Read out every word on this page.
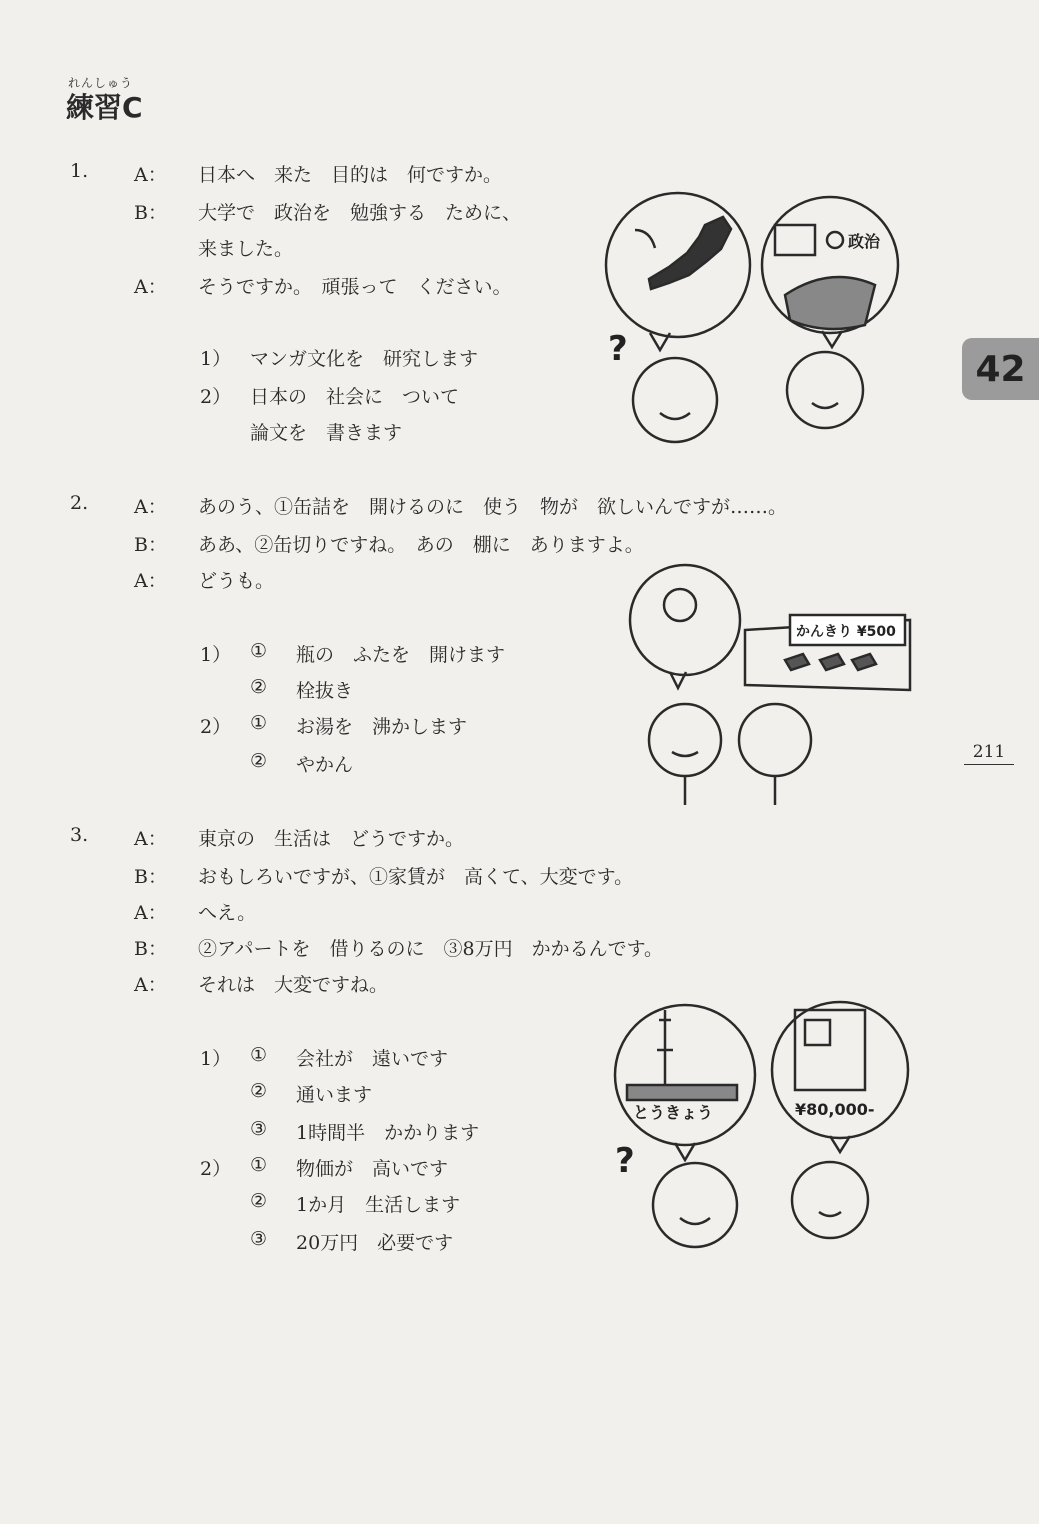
れんしゅう
練習C
42
211
1. A： 日本へ　来た　目的は　何ですか。
B： 大学で　政治を　勉強する　ために、
来ました。
A： そうですか。　頑張って　ください。
1） マンガ文化を　研究します
2） 日本の　社会に　ついて
論文を　書きます
2. A： あのう、①缶詰を　開けるのに　使う　物が　欲しいんですが……。
B： ああ、②缶切りですね。　あの　棚に　ありますよ。
A： どうも。
1） ① 瓶の　ふたを　開けます
② 栓抜き
2） ① お湯を　沸かします
② やかん
3. A： 東京の　生活は　どうですか。
B： おもしろいですが、①家賃が　高くて、大変です。
A： へえ。
B： ②アパートを　借りるのに　③8万円　かかるんです。
A： それは　大変ですね。
1） ① 会社が　遠いです
② 通います
③ 1時間半　かかります
2） ① 物価が　高いです
② 1か月　生活します
③ 20万円　必要です
政治
?
かんきり ¥500
とうきょう	¥80,000-
?
